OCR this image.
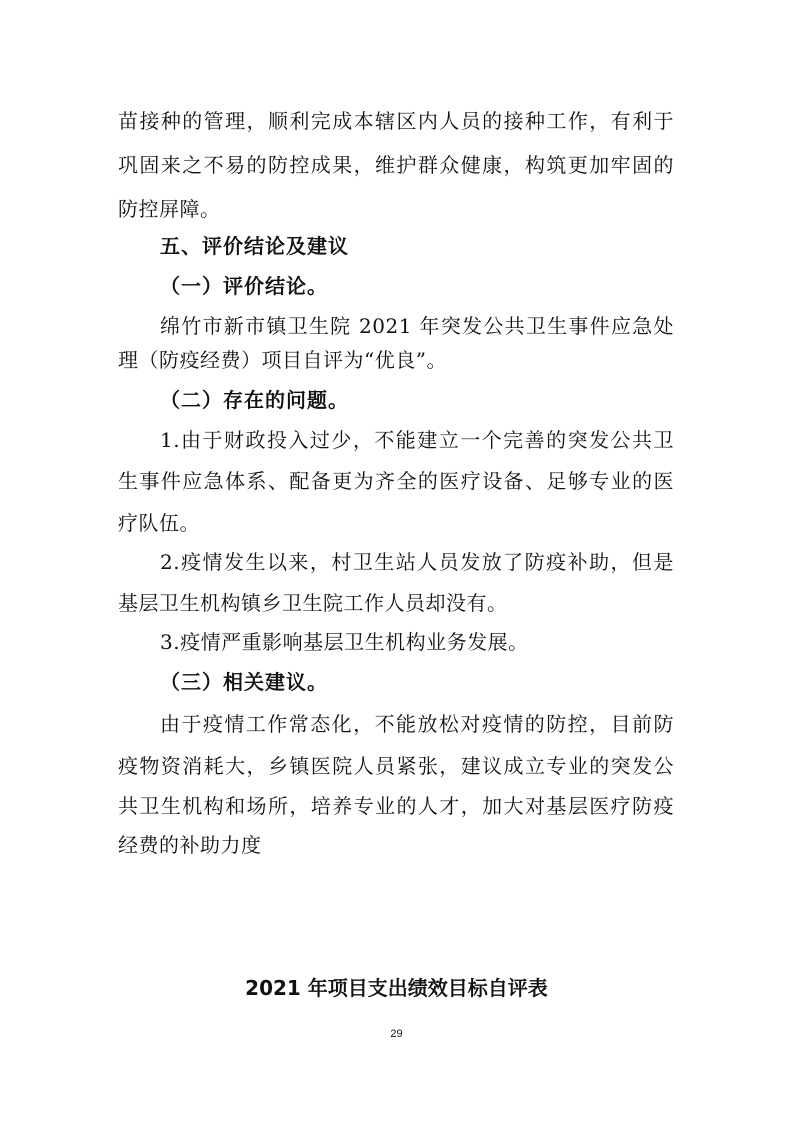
苗接种的管理，顺利完成本辖区内人员的接种工作，有利于
巩固来之不易的防控成果，维护群众健康，构筑更加牢固的
防控屏障。
五、评价结论及建议
（一）评价结论。
绵竹市新市镇卫生院 2021 年突发公共卫生事件应急处
理（防疫经费）项目自评为“优良”。
（二）存在的问题。
1.由于财政投入过少，不能建立一个完善的突发公共卫
生事件应急体系、配备更为齐全的医疗设备、足够专业的医
疗队伍。
2.疫情发生以来，村卫生站人员发放了防疫补助，但是
基层卫生机构镇乡卫生院工作人员却没有。
3.疫情严重影响基层卫生机构业务发展。
（三）相关建议。
由于疫情工作常态化，不能放松对疫情的防控，目前防
疫物资消耗大，乡镇医院人员紧张，建议成立专业的突发公
共卫生机构和场所，培养专业的人才，加大对基层医疗防疫
经费的补助力度
2021 年项目支出绩效目标自评表
29
